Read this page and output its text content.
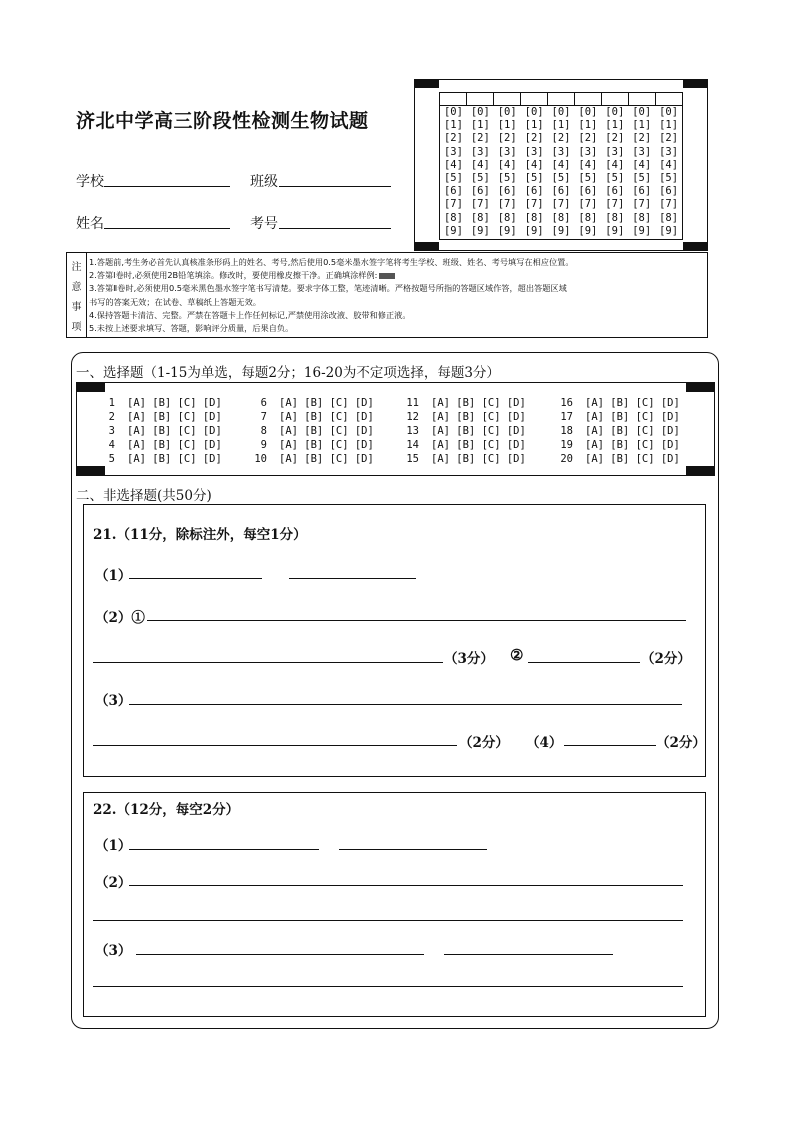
济北中学高三阶段性检测生物试题
学校	班级
姓名	考号
[0] [0] [0] [0] [0] [0] [0] [0] [0]
[1] [1] [1] [1] [1] [1] [1] [1] [1]
[2] [2] [2] [2] [2] [2] [2] [2] [2]
[3] [3] [3] [3] [3] [3] [3] [3] [3]
[4] [4] [4] [4] [4] [4] [4] [4] [4]
[5] [5] [5] [5] [5] [5] [5] [5] [5]
[6] [6] [6] [6] [6] [6] [6] [6] [6]
[7] [7] [7] [7] [7] [7] [7] [7] [7]
[8] [8] [8] [8] [8] [8] [8] [8] [8]
[9] [9] [9] [9] [9] [9] [9] [9] [9]
注
意
事
项
1.答题前,考生务必首先认真核准条形码上的姓名、考号,然后使用0.5毫米墨水签字笔将考生学校、班级、姓名、考号填写在相应位置。
2.答第Ⅰ卷时,必须使用2B铅笔填涂。修改时，要使用橡皮擦干净。正确填涂样例:
3.答第Ⅱ卷时,必须使用0.5毫米黑色墨水签字笔书写清楚。要求字体工整，笔迹清晰。严格按题号所指的答题区域作答，超出答题区域
书写的答案无效；在试卷、草稿纸上答题无效。
4.保持答题卡清洁、完整。严禁在答题卡上作任何标记,严禁使用涂改液、胶带和修正液。
5.未按上述要求填写、答题，影响评分质量，后果自负。
一、选择题（1-15为单选，每题2分；16-20为不定项选择，每题3分）
1 [A] [B] [C] [D]
2 [A] [B] [C] [D]
3 [A] [B] [C] [D]
4 [A] [B] [C] [D]
5 [A] [B] [C] [D]
6 [A] [B] [C] [D]
7 [A] [B] [C] [D]
8 [A] [B] [C] [D]
9 [A] [B] [C] [D]
10 [A] [B] [C] [D]
11 [A] [B] [C] [D]
12 [A] [B] [C] [D]
13 [A] [B] [C] [D]
14 [A] [B] [C] [D]
15 [A] [B] [C] [D]
16 [A] [B] [C] [D]
17 [A] [B] [C] [D]
18 [A] [B] [C] [D]
19 [A] [B] [C] [D]
20 [A] [B] [C] [D]
二、非选择题(共50分)
21.（11分，除标注外，每空1分）
（1）
（2）①
（3分） ②	（2分）
（3）
（2分） （4）	（2分）
22.（12分，每空2分）
（1）
（2）
（3）
